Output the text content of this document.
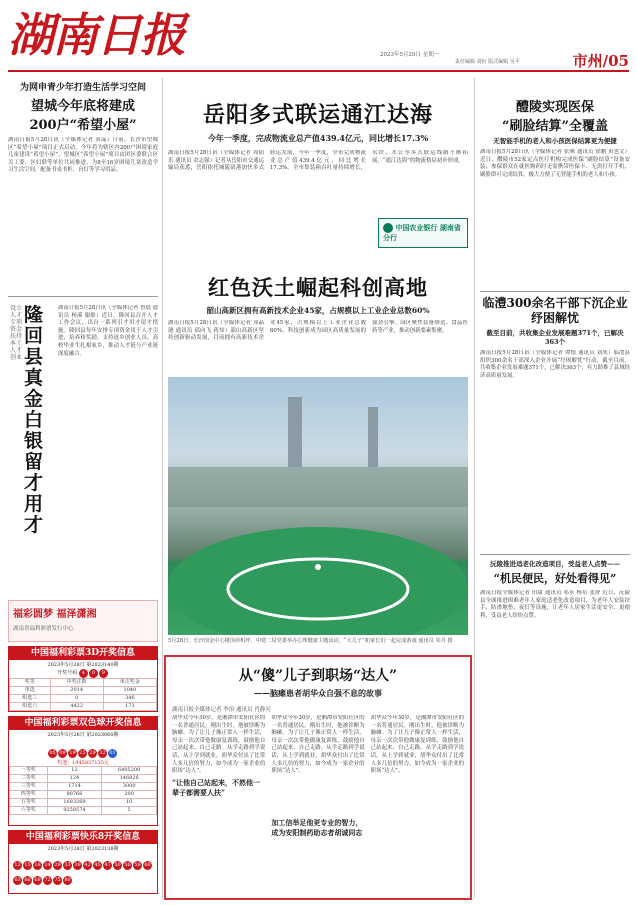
湖南日报	2023年5月29日 星期一
责任编辑 刘衍 版式编辑 吴平	市州/05
为网申青少年打造生活学习空间
望城今年底将建成
200户“希望小屋”
湖南日报5月28日讯（全媒体记者 黄晶）日前，长沙市望城区“希望小屋”项目正式启动，今年将为辖区内200户困境家庭儿童建设“希望小屋”。望城区“希望小屋”项目由团区委联合区关工委、区妇联等单位共同推进，为8至16岁困境儿童改造学习生活空间，配备书桌书柜、台灯等学习用品。
设立人才专项资金 扶持本土人才创业
隆回县真金白银留才用才
湖南日报5月28日讯（全媒体记者 曾晨 通讯员 杨溪 谢维）近日，隆回县召开人才工作会议，出台一系列引才用才留才措施。隆回县每年安排专项资金用于人才引进、培养和奖励，支持返乡创业人员、高校毕业生扎根家乡，推动人才链与产业链深度融合。
福彩圆梦 福泽潇湘
湖南省福利彩票发行中心
中国福利彩票3D开奖信息
2023年5月28日 第2023140期
开奖号码 4 0 9
奖等	中奖注数	单注奖金
单选	2014	1040
组选三	0	346
组选六	4422	173
中国福利彩票双色球开奖信息
2023年5月28日 第2023060期
05 09 19 25 29 32 01
奖池：1945837135元
一等奖	12	6405200
二等奖	124	146826
三等奖	1714	3000
四等奖	90766	200
五等奖	1693269	10
六等奖	9258574	5
中国福利彩票快乐8开奖信息
2023年5月28日 第2023138期
12 15 18 24 29 33 39 42 45 47 50 56 58 6063 66 68 72 75 80
岳阳多式联运通江达海
今年一季度，完成物流业总产值439.4亿元，同比增长17.3%
湖南日报5月28日讯（全媒体记者 周阳乐 通讯员 余志强）记者从岳阳市交通运输局获悉，岳阳依托城陵矶港加快多式联运发展，今年一季度，全市完成物流业总产值439.4亿元，同比增长17.3%。全市集装箱吞吐量持续增长，水铁、水公等多式联运线路不断拓展，“通江达海”的物流格局初步形成。
中国农业银行 湖南省分行
红色沃土崛起科创高地
韶山高新区拥有高新技术企业45家，占规模以上工业企业总数60%
湖南日报5月28日讯（全媒体记者 邓晶琎 通讯员 邱向飞 蒋知）韶山高新区坚持创新驱动发展，目前拥有高新技术企业45家，占规模以上工业企业总数60%，科技创新成为园区高质量发展的强劲引擎。园区聚焦装备制造、食品医药等产业，推动创新要素集聚。
5月28日，长沙国金中心楼顶停机坪，中建二局党委举办心理健康主题活动，“大儿子”和家长们一起完成游戏 通讯员 朱丹 摄
从“傻”儿子到职场“达人”
——脑瘫患者胡华众自强不息的故事
湖南日报全媒体记者 李治 通讯员 肖静亮
胡华众今年30岁，是湘潭市安阳社区的一名普通居民。刚出生时，他被诊断为脑瘫。为了让儿子像正常人一样生活，母亲一次次带他做康复训练，鼓励他自己站起来、自己走路。从学走路到学说话，从上学到就业，胡华众付出了比常人多几倍的努力，如今成为一家企业的职场“达人”。
“让他自己站起来，不然他一辈子都需要人扶”
胡华众今年30岁，是湘潭市安阳社区的一名普通居民。刚出生时，他被诊断为脑瘫。为了让儿子像正常人一样生活，母亲一次次带他做康复训练，鼓励他自己站起来、自己走路。从学走路到学说话，从上学到就业，胡华众付出了比常人多几倍的努力，如今成为一家企业的职场“达人”。
加工信举足他更专业的智力，成为安阳制药助志者胡诚同志
胡华众今年30岁，是湘潭市安阳社区的一名普通居民。刚出生时，他被诊断为脑瘫。为了让儿子像正常人一样生活，母亲一次次带他做康复训练，鼓励他自己站起来、自己走路。从学走路到学说话，从上学到就业，胡华众付出了比常人多几倍的努力，如今成为一家企业的职场“达人”。
醴陵实现医保
“刷脸结算”全覆盖
无智能手机的老人和小孩医保结算更为便捷
湖南日报5月28日讯（全媒体记者 张咪 通讯员 徐鹏 黄也文）近日，醴陵市52家定点医疗机构完成医保“刷脸结算”设备安装，参保群众在就医购药时无需携带医保卡、无需打开手机，刷脸即可完成结算，极大方便了无智能手机的老人和小孩。
临澧300余名干部下沉企业纾困解忧
截至目前，共收集企业发展难题371个，已解决363个
湖南日报5月28日讯（全媒体记者 谭德 通讯员 刘成）临澧县组织300余名干部深入企业开展“纾困解忧”行动，截至目前，共收集企业发展难题371个，已解决363个，有力助推了县域经济高质量发展。
沅陵推进适老化改造项目，受益老人点赞——
“机民便民，好处看得见”
湖南日报全媒体记者 田甜 通讯员 邓永 杨培 张舒 近日，沅陵县全面推进困难老年人家庭适老化改造项目，为老年人安装扶手、防滑地垫、夜灯等设施，让老年人居家生活更安全、更便利，受益老人纷纷点赞。
